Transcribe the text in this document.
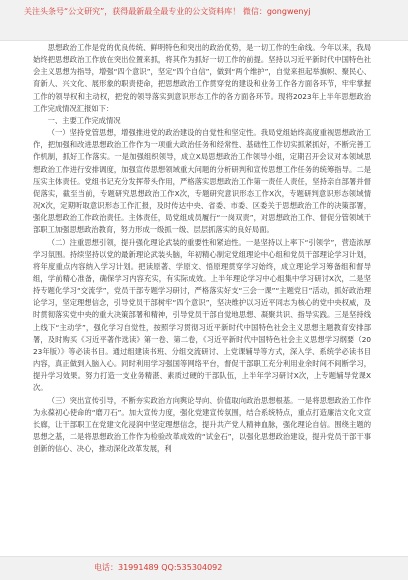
关注头条号“公文研究”，获得最新最全最专业的公文资料库！ 微信：gongwenyj

思想政治工作是党的优良传统、鲜明特色和突出的政治优势，是一切工作的生命线。今年以来，我局始终把思想政治工作放在突出位置来抓，将其作为抓好一切工作的前提。坚持以习近平新时代中国特色社会主义思想为指导，增强“四个意识”，坚定“四个自信”，做到“两个维护”，自觉来担起举旗帜、聚民心、育新人、兴文化、展形象的职责使命，把思想政治工作贯穿党的建设和业务工作各方面各环节，牢牢掌握工作的领导权和主动权，把党的领导落实到意识形态工作的各方面各环节。现将2023年上半年思想政治工作完成情况汇报如下：

一、主要工作完成情况

（一）坚持党管思想，增强推进党的政治建设的自觉性和坚定性。我局党组始终高度重视思想政治工作，把加强和改进思想政治工作作为一项重大政治任务和经常性、基础性工作切实抓紧抓好，不断完善工作机制，抓好工作落实。一是加强组织领导，成立X局思想政治工作领导小组，定期召开会议对本领域思想政治工作进行安排调度，加强宣传思想领域重大问题的分析研判和宣传思想工作任务的统筹指导。二是压实主体责任。党组书记充分发挥带头作用，严格落实思想政治工作第一责任人责任，坚持亲自部署并督促落实，截至当前，专题研究思想政治工作X次，专题研究意识形态工作X次，专题研判意识形态领域情况X次，定期听取意识形态工作汇报，及时传达中央、省委、市委、区委关于思想政治工作的决策部署，强化思想政治工作政治责任。主体责任，局党组成员履行“一岗双责”，对思想政治工作、督促分管领域干部职工加强思想政治教育，努力形成一级抓一级、层层抓落实的良好局面。

（二）注重思想引领，提升强化理论武装的重要性和紧迫性。一是坚持以上率下“引领学”，营造浓厚学习氛围。持续坚持以党的最新理论武装头脑，年初精心制定党组理论中心组和党员干部理论学习计划，将年度重点内容纳入学习计划。把读原著、学原文、悟原理贯穿学习始终，成立理论学习筹备组和督导组，学前精心准备，确保学习内容充实，有实际成效。上半年理论学习中心组集中学习研讨X次，二是坚持专题化学习“交流学”，党员干部专题学习研讨，严格落实好支“三会一课”“主题党日”活动，抓好政治理论学习，坚定理想信念，引导党员干部树牢“四个意识”，坚决维护以习近平同志为核心的党中央权威，及时贯彻落实党中央的重大决策部署和精神，引导党员干部自觉地思想、凝聚共识、指导实践。三是坚持线上线下“主动学”，强化学习自觉性，按照学习贯彻习近平新时代中国特色社会主义思想主题教育安排部署，及时购买《习近平著作选读》第一卷、第二卷，《习近平新时代中国特色社会主义思想学习纲要（2023年版）》等必读书目。通过组建读书班、分组交流研讨、上党课辅导等方式，深入学、系统学必读书目内容，真正做到入脑入心。同时利用学习强国等网络平台，督促干部职工充分利用业余时间不间断学习，提升学习效果。努力打造一支业务精湛、素质过硬的干部队伍，上半年学习研讨X次，上专题辅导党课X次。

（三）突出宣传引导，不断夯实政治方向舆论导向、价值取向政治思想根基。一是将思想政治工作作为永葆初心使命的“磨刀石”。加大宣传力度，强化党建宣传氛围，结合系统特点，重点打造廉洁文化文宣长廊，让干部职工在党建文化浸润中坚定理想信念，提升共产党人精神血脉，强化理论自信。围绕主题的思想之基，二是将思想政治工作作为检验改革成效的“试金石”，以强化思想政治建设，提升党员干部干事创新的信心、决心，推动深化改革发展，利

电话：31991489 QQ:535304092
